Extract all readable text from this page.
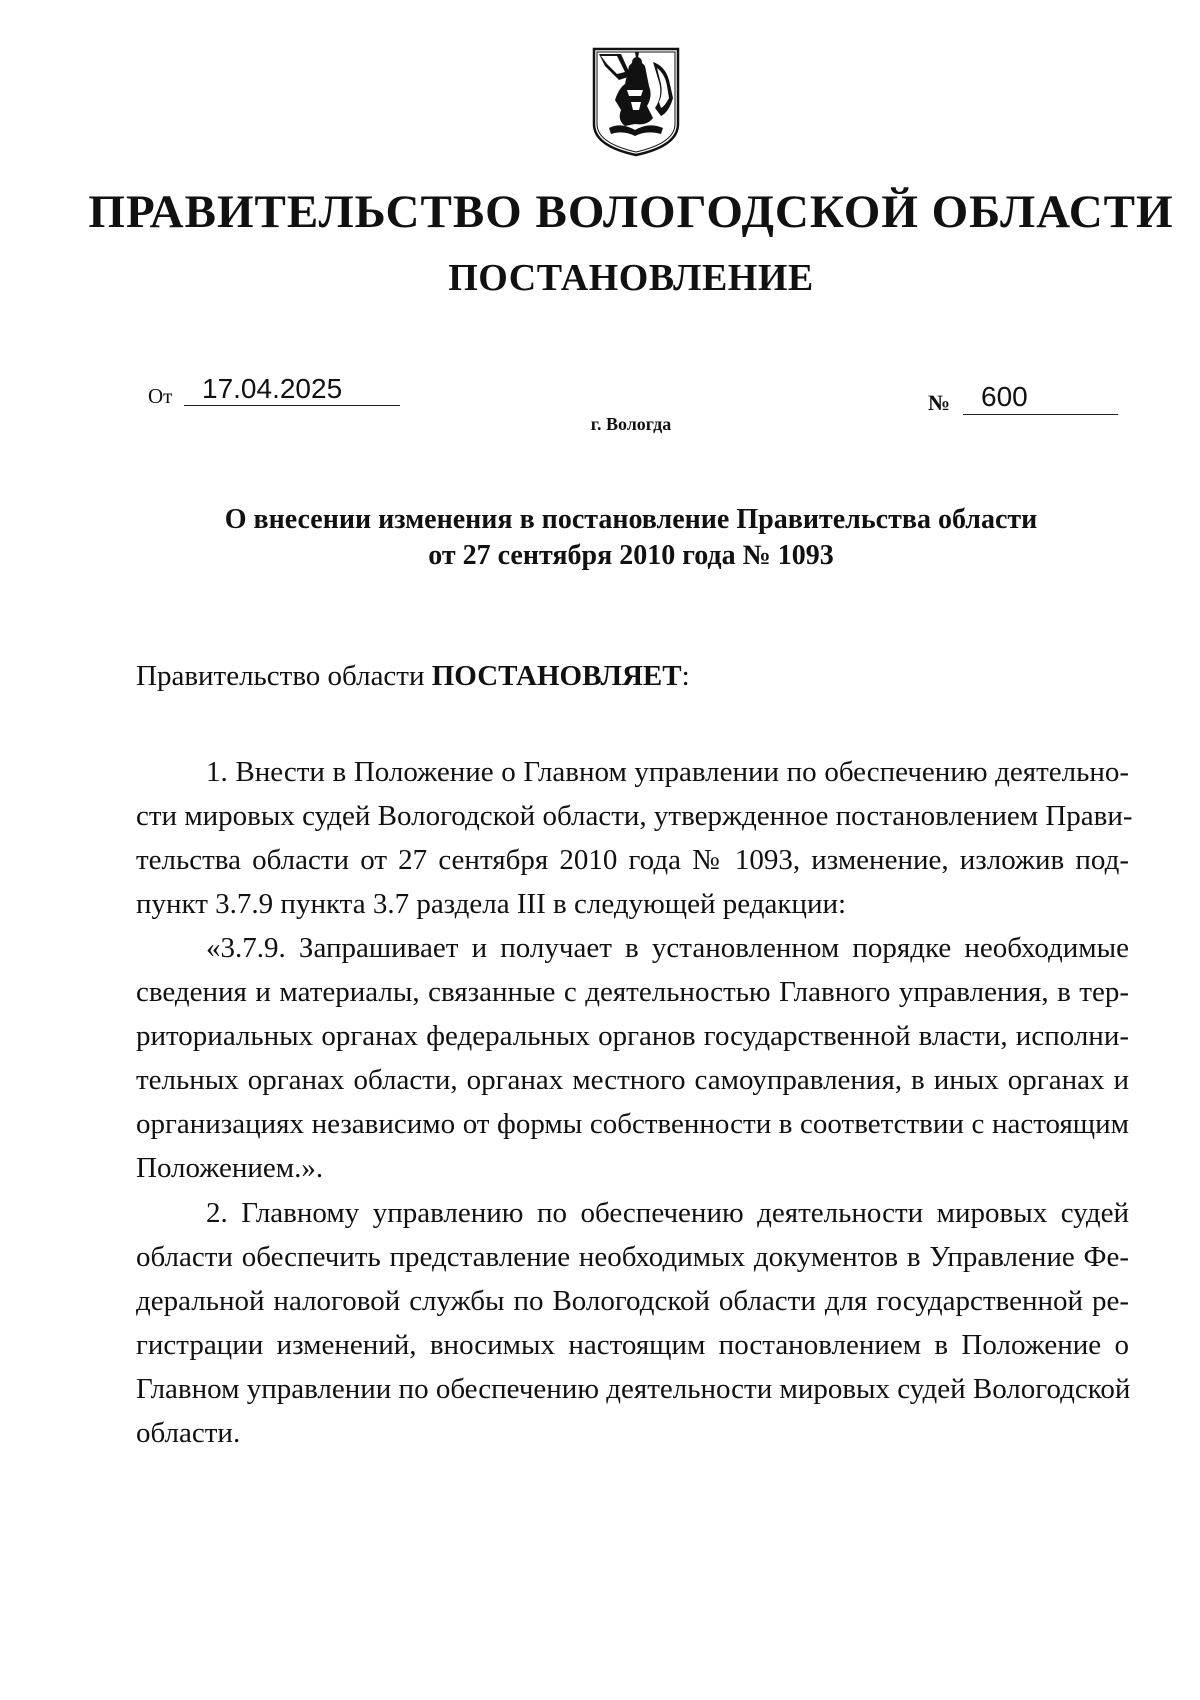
ПРАВИТЕЛЬСТВО ВОЛОГОДСКОЙ ОБЛАСТИ
ПОСТАНОВЛЕНИЕ
От	17.04.2025	№	600
г. Вологда
О внесении изменения в постановление Правительства области
от 27 сентября 2010 года № 1093
Правительство области ПОСТАНОВЛЯЕТ:
1. Внести в Положение о Главном управлении по обеспечению деятельно-
сти мировых судей Вологодской области, утвержденное постановлением Прави-
тельства области от 27 сентября 2010 года № 1093, изменение, изложив под-
пункт 3.7.9 пункта 3.7 раздела III в следующей редакции:
«3.7.9. Запрашивает и получает в установленном порядке необходимые
сведения и материалы, связанные с деятельностью Главного управления, в тер-
риториальных органах федеральных органов государственной власти, исполни-
тельных органах области, органах местного самоуправления, в иных органах и
организациях независимо от формы собственности в соответствии с настоящим
Положением.».
2. Главному управлению по обеспечению деятельности мировых судей
области обеспечить представление необходимых документов в Управление Фе-
деральной налоговой службы по Вологодской области для государственной ре-
гистрации изменений, вносимых настоящим постановлением в Положение о
Главном управлении по обеспечению деятельности мировых судей Вологодской
области.
